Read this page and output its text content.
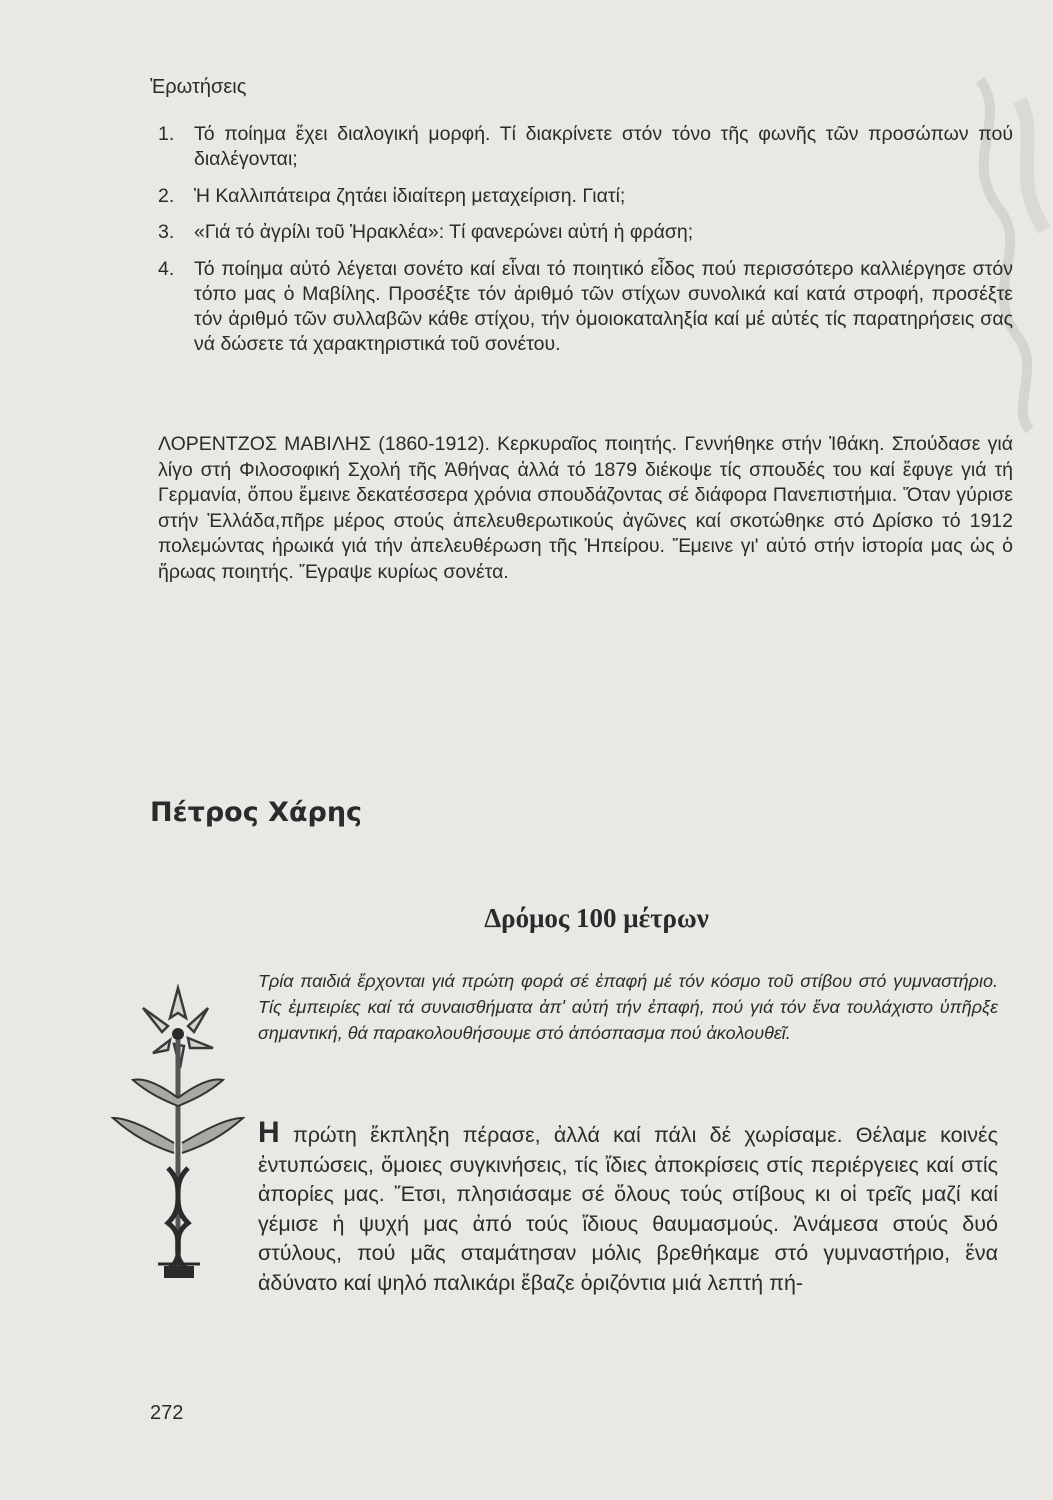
Ἐρωτήσεις
1. Τό ποίημα ἔχει διαλογική μορφή. Τί διακρίνετε στόν τόνο τῆς φωνῆς τῶν προσώπων πού διαλέγονται;
2. Ἡ Καλλιπάτειρα ζητάει ἰδιαίτερη μεταχείριση. Γιατί;
3. «Γιά τό ἀγρίλι τοῦ Ἡρακλέα»: Τί φανερώνει αὐτή ἡ φράση;
4. Τό ποίημα αὐτό λέγεται σονέτο καί εἶναι τό ποιητικό εἶδος πού περισσότερο καλλιέργησε στόν τόπο μας ὁ Μαβίλης. Προσέξτε τόν ἀριθμό τῶν στίχων συνολικά καί κατά στροφή, προσέξτε τόν ἀριθμό τῶν συλλαβῶν κάθε στίχου, τήν ὁμοιοκαταληξία καί μέ αὐτές τίς παρατηρήσεις σας νά δώσετε τά χαρακτηριστικά τοῦ σονέτου.
ΛΟΡΕΝΤΖΟΣ ΜΑΒΙΛΗΣ (1860-1912). Κερκυραῖος ποιητής. Γεννήθηκε στήν Ἰθάκη. Σπούδασε γιά λίγο στή Φιλοσοφική Σχολή τῆς Ἀθήνας ἀλλά τό 1879 διέκοψε τίς σπουδές του καί ἔφυγε γιά τή Γερμανία, ὅπου ἔμεινε δεκατέσσερα χρόνια σπουδάζοντας σέ διάφορα Πανεπιστήμια. Ὅταν γύρισε στήν Ἑλλάδα,πῆρε μέρος στούς ἀπελευθερωτικούς ἀγῶνες καί σκοτώθηκε στό Δρίσκο τό 1912 πολεμώντας ἡρωικά γιά τήν ἀπελευθέρωση τῆς Ἠπείρου. Ἔμεινε γι' αὐτό στήν ἱστορία μας ὡς ὁ ἥρωας ποιητής. Ἔγραψε κυρίως σονέτα.
Πέτρος Χάρης
Δρόμος 100 μέτρων
Τρία παιδιά ἔρχονται γιά πρώτη φορά σέ ἐπαφή μέ τόν κόσμο τοῦ στίβου στό γυμναστήριο. Τίς ἐμπειρίες καί τά συναισθήματα ἀπ' αὐτή τήν ἐπαφή, πού γιά τόν ἕνα τουλάχιστο ὑπῆρξε σημαντική, θά παρακολουθήσουμε στό ἀπόσπασμα πού ἀκολουθεῖ.
Η πρώτη ἔκπληξη πέρασε, ἀλλά καί πάλι δέ χωρίσαμε. Θέλαμε κοινές ἐντυπώσεις, ὅμοιες συγκινήσεις, τίς ἴδιες ἀποκρίσεις στίς περιέργειες καί στίς ἀπορίες μας. Ἔτσι, πλησιάσαμε σέ ὅλους τούς στίβους κι οἱ τρεῖς μαζί καί γέμισε ἡ ψυχή μας ἀπό τούς ἴδιους θαυμασμούς. Ἀνάμεσα στούς δυό στύλους, πού μᾶς σταμάτησαν μόλις βρεθήκαμε στό γυμναστήριο, ἕνα ἀδύνατο καί ψηλό παλικάρι ἔβαζε ὁριζόντια μιά λεπτή πή-
272
